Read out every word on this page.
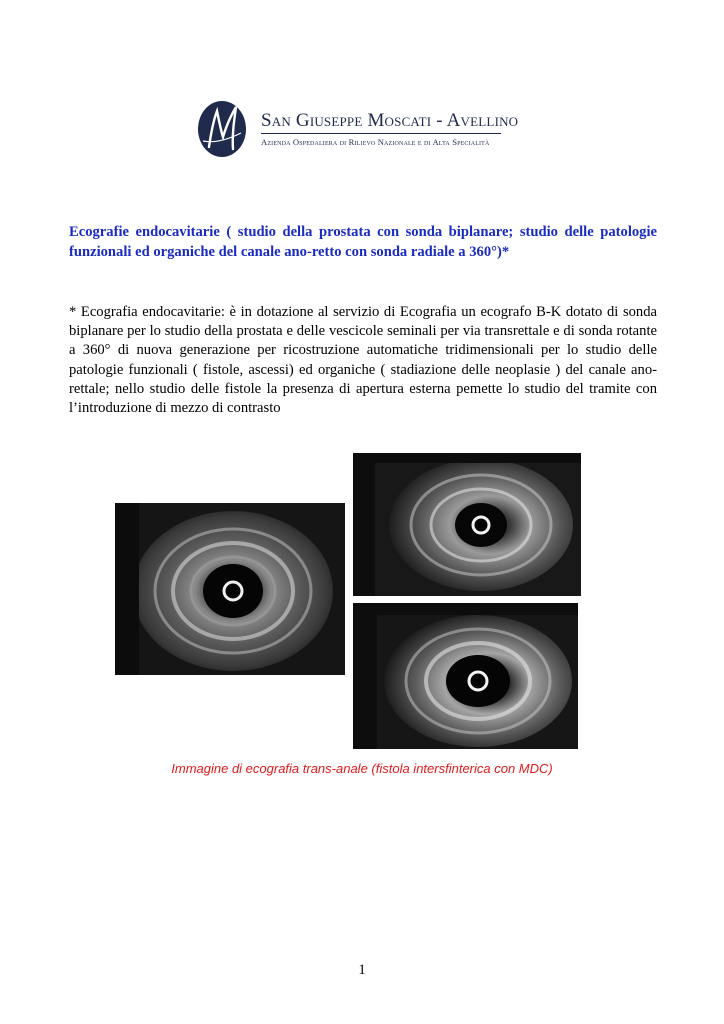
San Giuseppe Moscati - Avellino
Azienda Ospedaliera di Rilievo Nazionale e di Alta Specialità
Ecografie endocavitarie ( studio della prostata con sonda biplanare; studio delle patologie funzionali ed organiche del canale ano-retto con sonda radiale a 360°)*
* Ecografia endocavitarie: è in dotazione al servizio di Ecografia un ecografo B-K dotato di sonda biplanare per lo studio della prostata e delle vescicole seminali per via transrettale e di sonda rotante a 360° di nuova generazione per ricostruzione automatiche tridimensionali per lo studio delle patologie funzionali ( fistole, ascessi) ed organiche ( stadiazione delle neoplasie ) del canale ano-rettale; nello studio delle fistole la presenza di apertura esterna pemette lo studio del tramite con l’introduzione di mezzo di contrasto
Immagine di ecografia trans-anale (fistola intersfinterica con MDC)
1
